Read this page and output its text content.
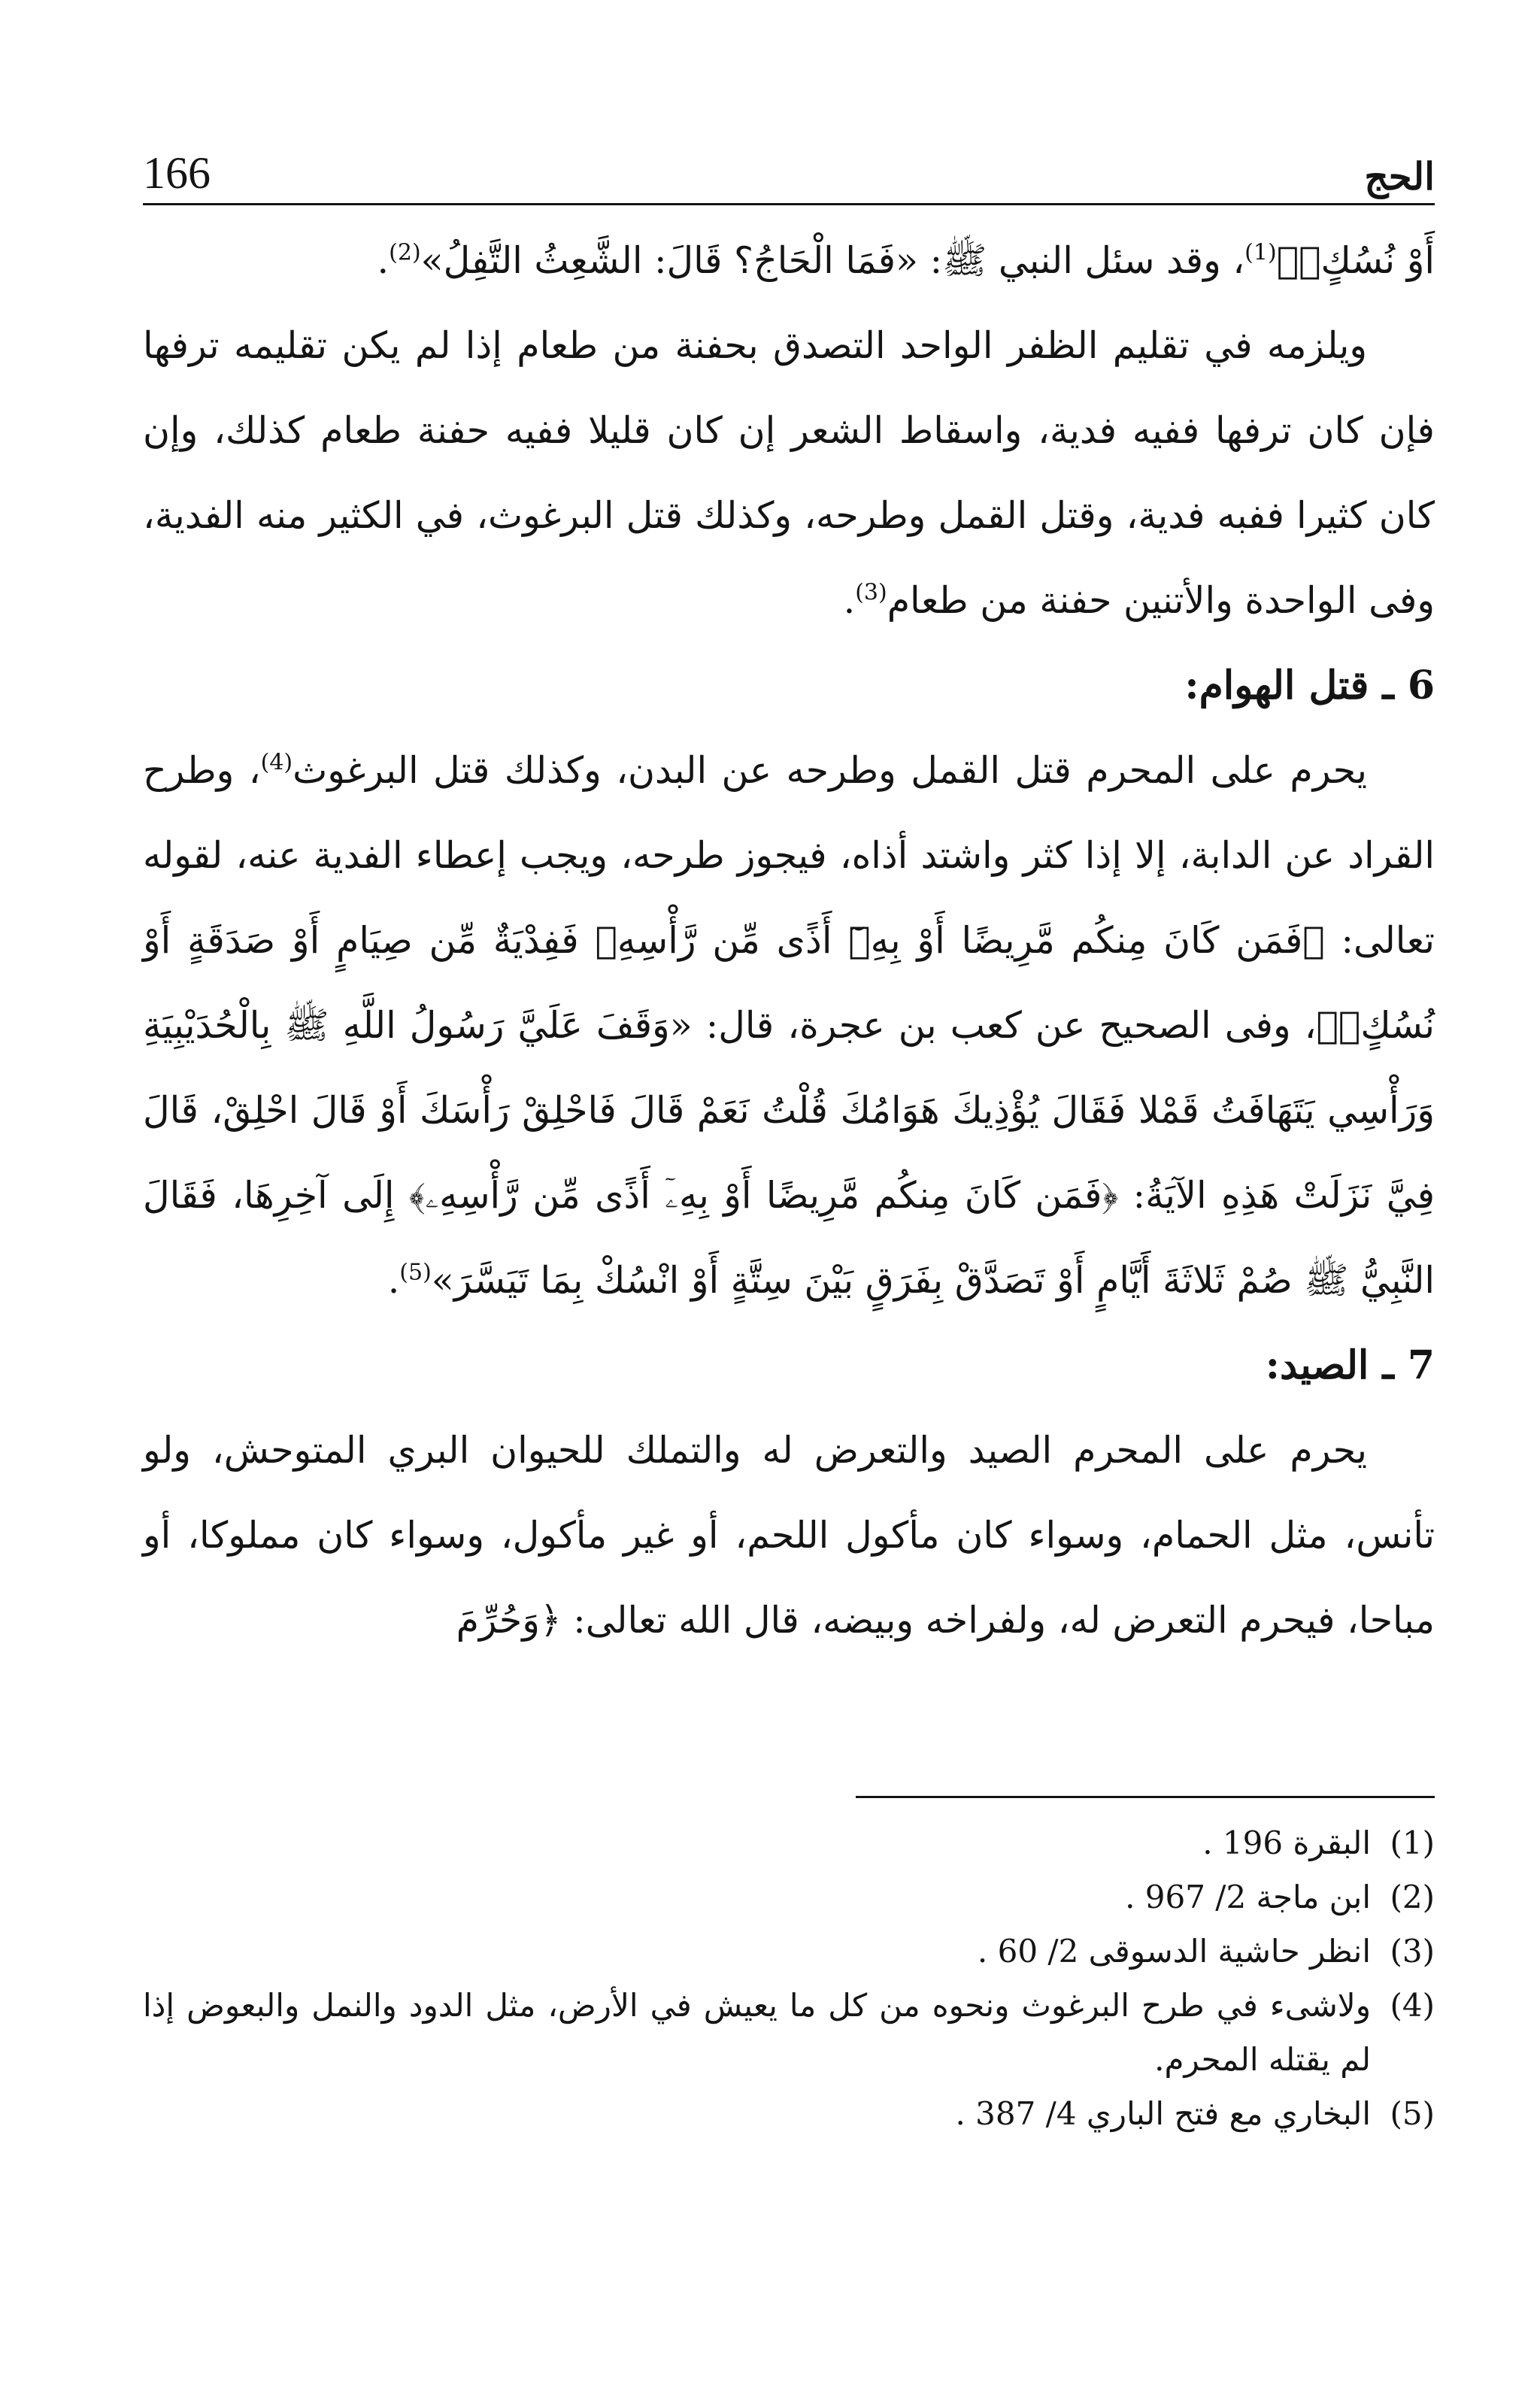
الحج
166

أَوْ نُسُكٍۚ﴾$^{(1)}$، وقد سئل النبي ﷺ: «فَمَا الْحَاجُ؟ قَالَ: الشَّعِثُ التَّفِلُ»$^{(2)}$.

ويلزمه في تقليم الظفر الواحد التصدق بحفنة من طعام إذا لم يكن تقليمه ترفها فإن كان ترفها ففيه فدية، واسقاط الشعر إن كان قليلا ففيه حفنة طعام كذلك، وإن كان كثيرا ففبه فدية، وقتل القمل وطرحه، وكذلك قتل البرغوث، في الكثير منه الفدية، وفى الواحدة والأتنين حفنة من طعام$^{(3)}$.

6 ـ قتل الهوام:

يحرم على المحرم قتل القمل وطرحه عن البدن، وكذلك قتل البرغوث$^{(4)}$، وطرح القراد عن الدابة، إلا إذا كثر واشتد أذاه، فيجوز طرحه، ويجب إعطاء الفدية عنه، لقوله تعالى: ﴿فَمَن كَانَ مِنكُم مَّرِيضًا أَوْ بِهِۦٓ أَذًى مِّن رَّأْسِهِۦ فَفِدْيَةٌ مِّن صِيَامٍ أَوْ صَدَقَةٍ أَوْ نُسُكٍۚ﴾، وفى الصحيح عن كعب بن عجرة، قال: «وَقَفَ عَلَيَّ رَسُولُ اللَّهِ ﷺ بِالْحُدَيْبِيَةِ وَرَأْسِي يَتَهَافَتُ قَمْلا فَقَالَ يُؤْذِيكَ هَوَامُكَ قُلْتُ نَعَمْ قَالَ فَاحْلِقْ رَأْسَكَ أَوْ قَالَ احْلِقْ، قَالَ فِيَّ نَزَلَتْ هَذِهِ الآيَةُ: ﴿فَمَن كَانَ مِنكُم مَّرِيضًا أَوْ بِهِۦٓ أَذًى مِّن رَّأْسِهِۦ﴾ إِلَى آخِرِهَا، فَقَالَ النَّبِيُّ ﷺ صُمْ ثَلاثَةَ أَيَّامٍ أَوْ تَصَدَّقْ بِفَرَقٍ بَيْنَ سِتَّةٍ أَوْ انْسُكْ بِمَا تَيَسَّرَ»$^{(5)}$.

7 ـ الصيد:

يحرم على المحرم الصيد والتعرض له والتملك للحيوان البري المتوحش، ولو تأنس، مثل الحمام، وسواء كان مأكول اللحم، أو غير مأكول، وسواء كان مملوكا، أو مباحا، فيحرم التعرض له، ولفراخه وبيضه، قال الله تعالى: ﴿وَحُرِّمَ

(1)
البقرة 196 .
(2)
ابن ماجة 2/ 967 .
(3)
انظر حاشية الدسوقى 2/ 60 .
(4)
ولاشىء في طرح البرغوث ونحوه من كل ما يعيش في الأرض، مثل الدود والنمل والبعوض إذا لم يقتله المحرم.
(5)
البخاري مع فتح الباري 4/ 387 .
